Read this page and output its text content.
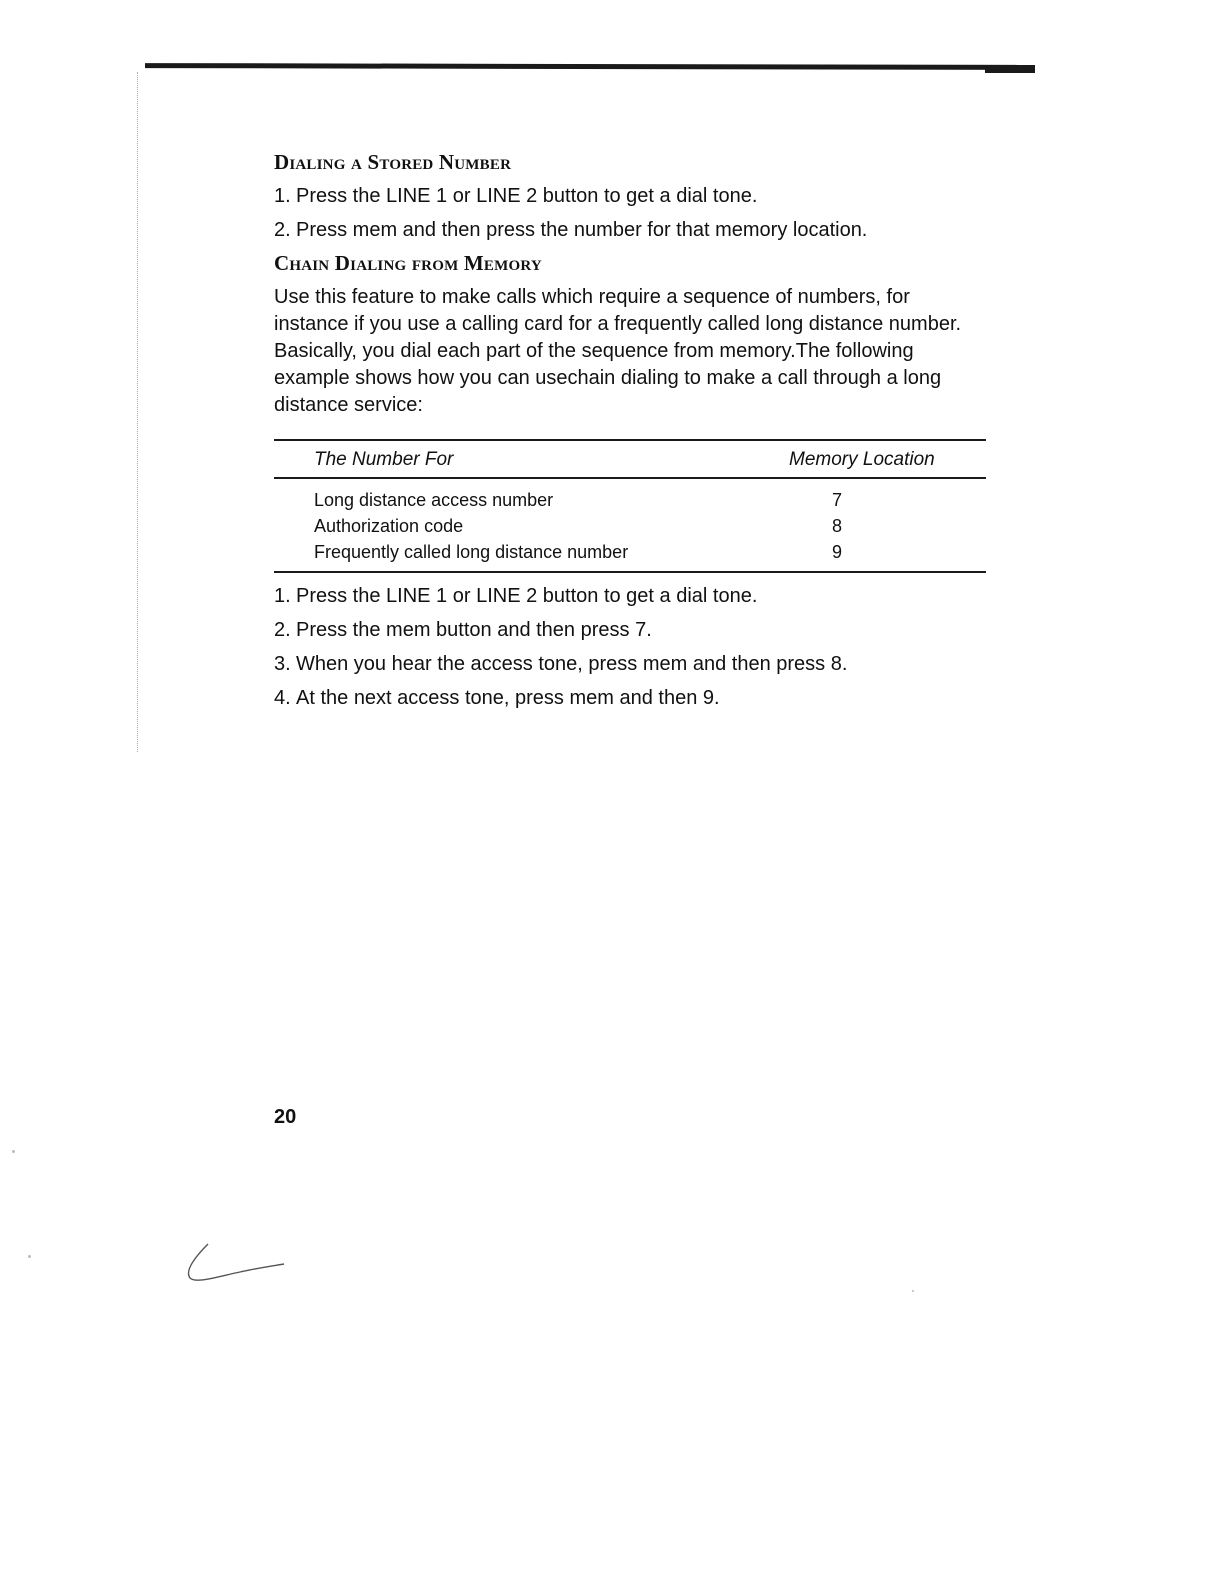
Dialing a Stored Number
1. Press the LINE 1 or LINE 2 button to get a dial tone.
2. Press mem and then press the number for that memory location.
Chain Dialing from Memory

Use this feature to make calls which require a sequence of numbers, for instance if you use a calling card for a frequently called long distance number. Basically, you dial each part of the sequence from memory.The following example shows how you can usechain dialing to make a call through a long distance service:

The Number For	Memory Location
Long distance access number	7
Authorization code	8
Frequently called long distance number	9
1. Press the LINE 1 or LINE 2 button to get a dial tone.
2. Press the mem button and then press 7.
3. When you hear the access tone, press mem and then press 8.
4. At the next access tone, press mem and then 9.
20
